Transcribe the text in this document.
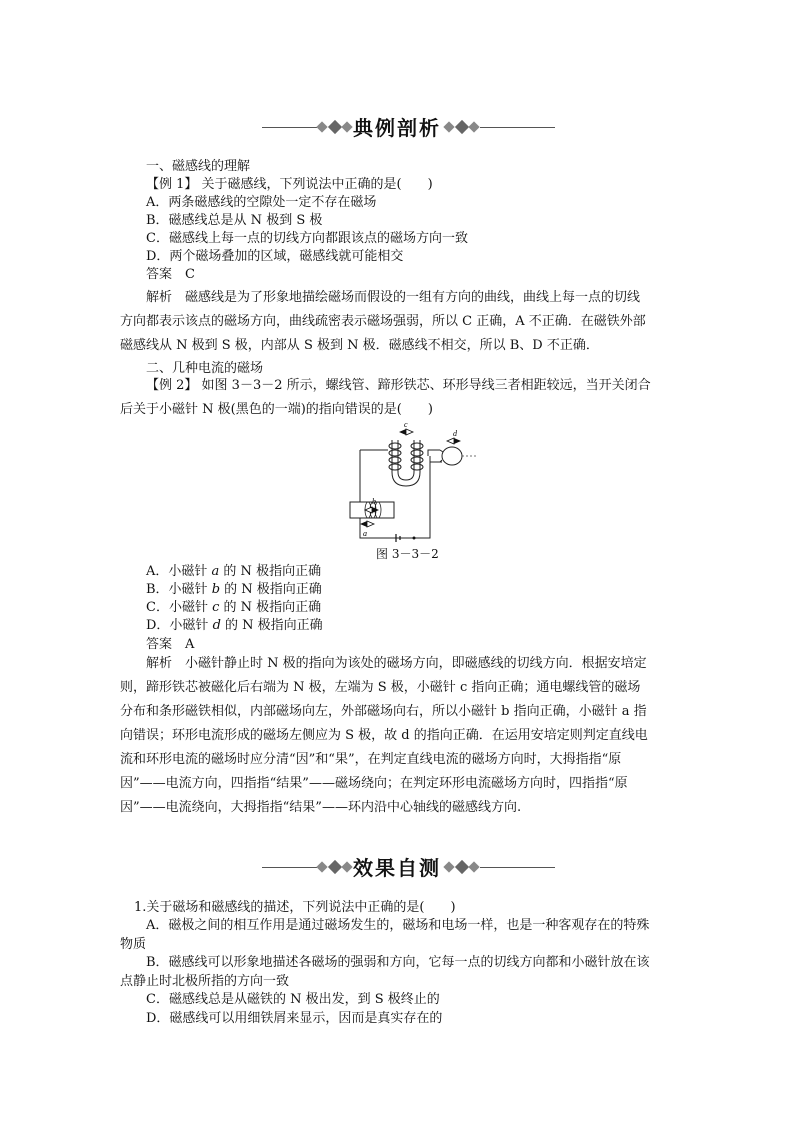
典例剖析
一、磁感线的理解
【例 1】 关于磁感线，下列说法中正确的是(　　)
A．两条磁感线的空隙处一定不存在磁场
B．磁感线总是从 N 极到 S 极
C．磁感线上每一点的切线方向都跟该点的磁场方向一致
D．两个磁场叠加的区域，磁感线就可能相交
答案　C
解析　磁感线是为了形象地描绘磁场而假设的一组有方向的曲线，曲线上每一点的切线方向都表示该点的磁场方向，曲线疏密表示磁场强弱，所以 C 正确，A 不正确．在磁铁外部磁感线从 N 极到 S 极，内部从 S 极到 N 极．磁感线不相交，所以 B、D 不正确．
二、几种电流的磁场
【例 2】 如图 3－3－2 所示，螺线管、蹄形铁芯、环形导线三者相距较远，当开关闭合后关于小磁针 N 极(黑色的一端)的指向错误的是(　　)
c
d
b
a
图 3－3－2
A．小磁针 a 的 N 极指向正确
B．小磁针 b 的 N 极指向正确
C．小磁针 c 的 N 极指向正确
D．小磁针 d 的 N 极指向正确
答案　A
解析　小磁针静止时 N 极的指向为该处的磁场方向，即磁感线的切线方向．根据安培定则，蹄形铁芯被磁化后右端为 N 极，左端为 S 极，小磁针 c 指向正确；通电螺线管的磁场分布和条形磁铁相似，内部磁场向左，外部磁场向右，所以小磁针 b 指向正确，小磁针 a 指向错误；环形电流形成的磁场左侧应为 S 极，故 d 的指向正确．在运用安培定则判定直线电流和环形电流的磁场时应分清“因”和“果”，在判定直线电流的磁场方向时，大拇指指“原因”——电流方向，四指指“结果”——磁场绕向；在判定环形电流磁场方向时，四指指“原因”——电流绕向，大拇指指“结果”——环内沿中心轴线的磁感线方向.
效果自测
1.关于磁场和磁感线的描述，下列说法中正确的是(　　)
A．磁极之间的相互作用是通过磁场发生的，磁场和电场一样，也是一种客观存在的特殊物质
B．磁感线可以形象地描述各磁场的强弱和方向，它每一点的切线方向都和小磁针放在该点静止时北极所指的方向一致
C．磁感线总是从磁铁的 N 极出发，到 S 极终止的
D．磁感线可以用细铁屑来显示，因而是真实存在的
